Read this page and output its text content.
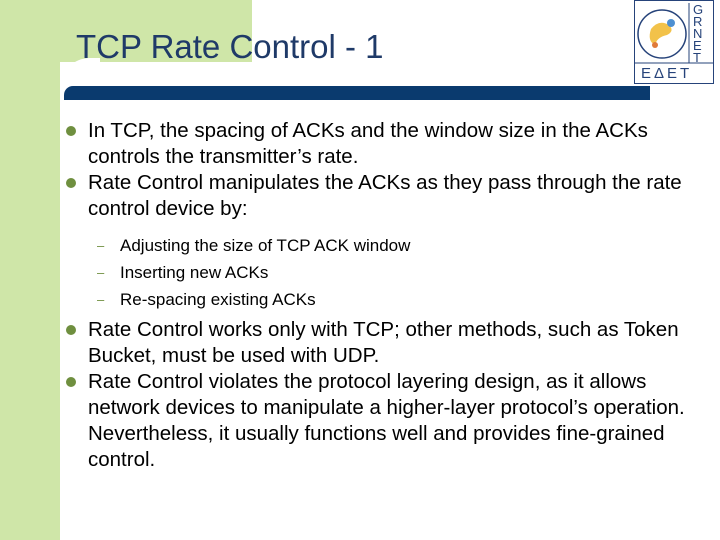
TCP Rate Control - 1
G
R
N
E
T
ΕΔΕΤ
In TCP, the spacing of ACKs and the window size in the ACKs controls the transmitter’s rate.
Rate Control manipulates the ACKs as they pass through the rate control device by:
– Adjusting the size of TCP ACK window
– Inserting new ACKs
– Re-spacing existing ACKs
Rate Control works only with TCP; other methods, such as Token Bucket, must be used with UDP.
Rate Control violates the protocol layering design, as it allows network devices to manipulate a higher-layer protocol’s operation. Nevertheless, it usually functions well and provides fine-grained control.
